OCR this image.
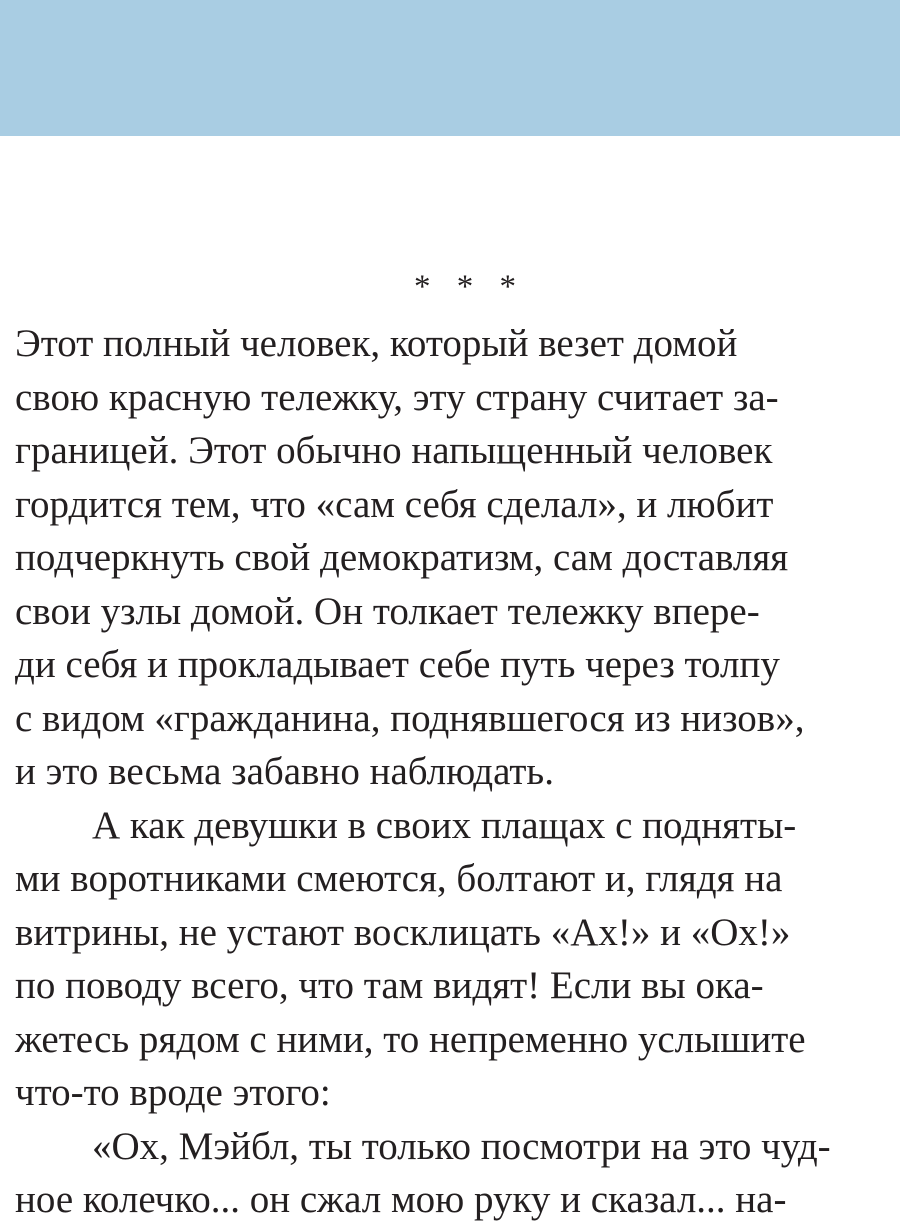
* * *
Этот полный человек, который везет домой
свою красную тележку, эту страну считает за-
границей. Этот обычно напыщенный человек
гордится тем, что «сам себя сделал», и любит
подчеркнуть свой демократизм, сам доставляя
свои узлы домой. Он толкает тележку впере-
ди себя и прокладывает себе путь через толпу
с видом «гражданина, поднявшегося из низов»,
и это весьма забавно наблюдать.
А как девушки в своих плащах с подняты-
ми воротниками смеются, болтают и, глядя на
витрины, не устают восклицать «Ах!» и «Ох!»
по поводу всего, что там видят! Если вы ока-
жетесь рядом с ними, то непременно услышите
что-то вроде этого:
«Ох, Мэйбл, ты только посмотри на это чуд-
ное колечко... он сжал мою руку и сказал... на-
